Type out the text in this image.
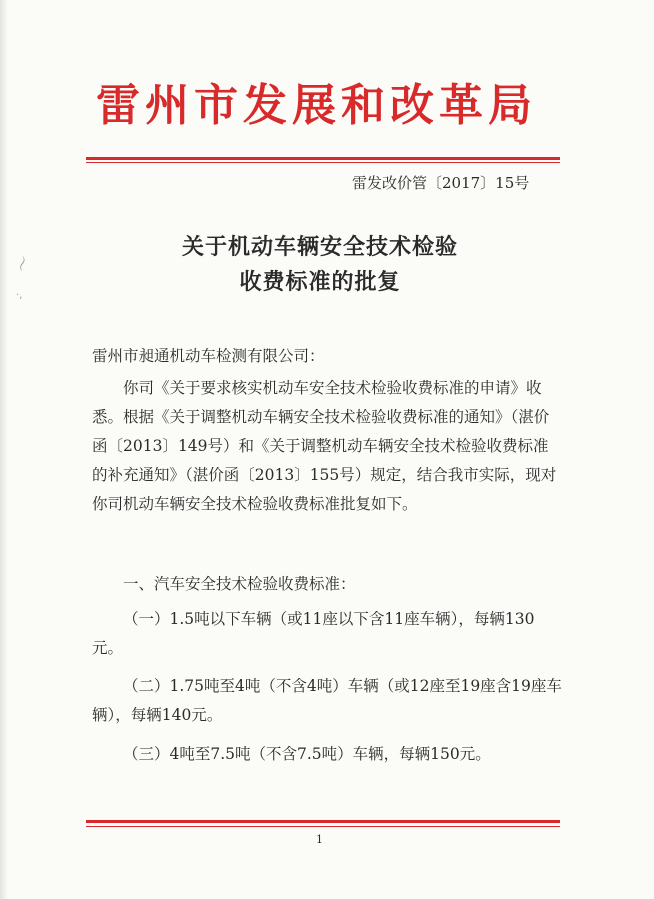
〜
·,
雷州市发展和改革局
雷发改价管〔2017〕15号
关于机动车辆安全技术检验
收费标准的批复
雷州市昶通机动车检测有限公司：
你司《关于要求核实机动车安全技术检验收费标准的申请》收悉。根据《关于调整机动车辆安全技术检验收费标准的通知》（湛价函〔2013〕149号）和《关于调整机动车辆安全技术检验收费标准的补充通知》（湛价函〔2013〕155号）规定，结合我市实际，现对你司机动车辆安全技术检验收费标准批复如下。
一、汽车安全技术检验收费标准：
（一）1.5吨以下车辆（或11座以下含11座车辆），每辆130元。
（二）1.75吨至4吨（不含4吨）车辆（或12座至19座含19座车辆），每辆140元。
（三）4吨至7.5吨（不含7.5吨）车辆，每辆150元。
1
